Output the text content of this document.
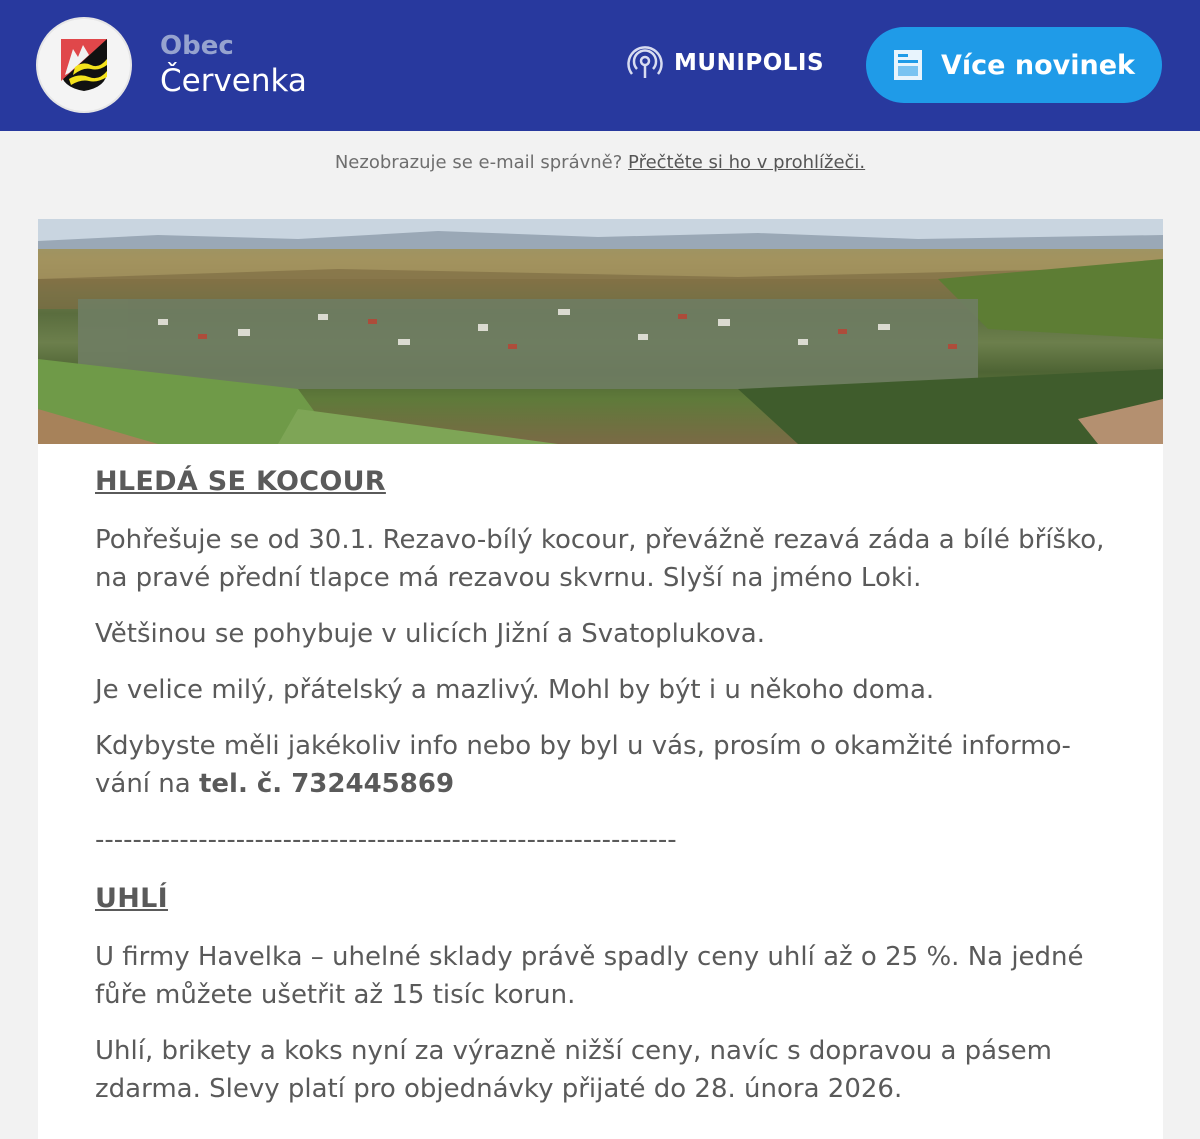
Obec
Červenka	MUNIPOLIS	Více novinek
Nezobrazuje se e-mail správně? Přečtěte si ho v prohlížeči.
HLEDÁ SE KOCOUR

Pohřešuje se od 30.1. Rezavo-bílý kocour, převážně rezavá záda a bílé bříško, na pravé přední tlapce má rezavou skvrnu. Slyší na jméno Loki.

Většinou se pohybuje v ulicích Jižní a Svatoplukova.

Je velice milý, přátelský a mazlivý. Mohl by být i u někoho doma.

Kdybyste měli jakékoliv info nebo by byl u vás, prosím o okamžité informování na tel. č. 732445869

--------------------------------------------------------------
UHLÍ

U firmy Havelka – uhelné sklady právě spadly ceny uhlí až o 25 %. Na jedné fůře můžete ušetřit až 15 tisíc korun.

Uhlí, brikety a koks nyní za výrazně nižší ceny, navíc s dopravou a pásem zdarma. Slevy platí pro objednávky přijaté do 28. února 2026.
